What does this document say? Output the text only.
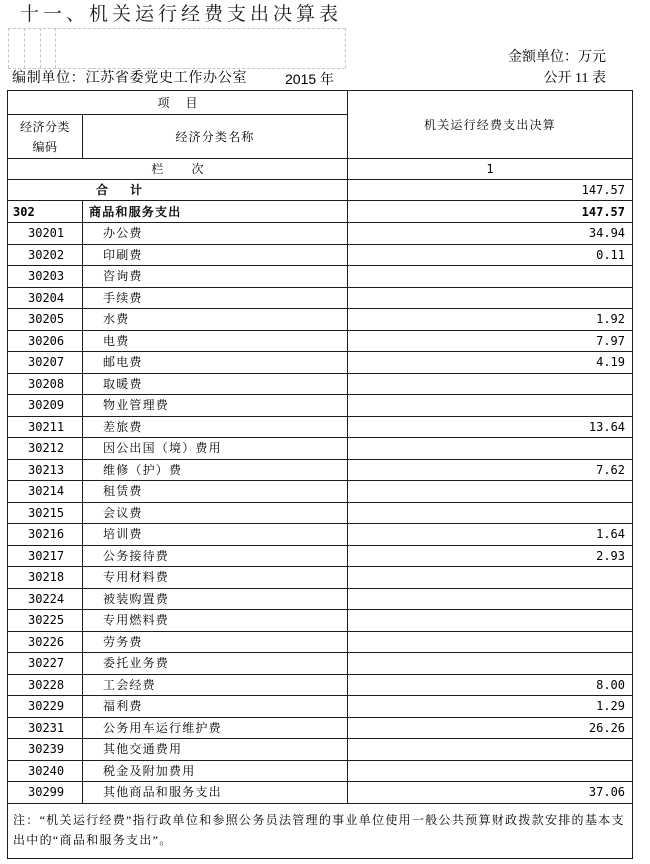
十一、机关运行经费支出决算表
金额单位：万元
编制单位：江苏省委党史工作办公室	2015 年	公开 11 表
项　目		机关运行经费支出决算
经济分类编码	经济分类名称	
栏　次		1
合　计		147.57
302	商品和服务支出	147.57
30201	办公费	34.94
30202	印刷费	0.11
30203	咨询费	
30204	手续费	
30205	水费	1.92
30206	电费	7.97
30207	邮电费	4.19
30208	取暖费	
30209	物业管理费	
30211	差旅费	13.64
30212	因公出国（境）费用	
30213	维修（护）费	7.62
30214	租赁费	
30215	会议费	
30216	培训费	1.64
30217	公务接待费	2.93
30218	专用材料费	
30224	被装购置费	
30225	专用燃料费	
30226	劳务费	
30227	委托业务费	
30228	工会经费	8.00
30229	福利费	1.29
30231	公务用车运行维护费	26.26
30239	其他交通费用	
30240	税金及附加费用	
30299	其他商品和服务支出	37.06
注：“机关运行经费”指行政单位和参照公务员法管理的事业单位使用一般公共预算财政拨款安排的基本支出中的“商品和服务支出”。		
